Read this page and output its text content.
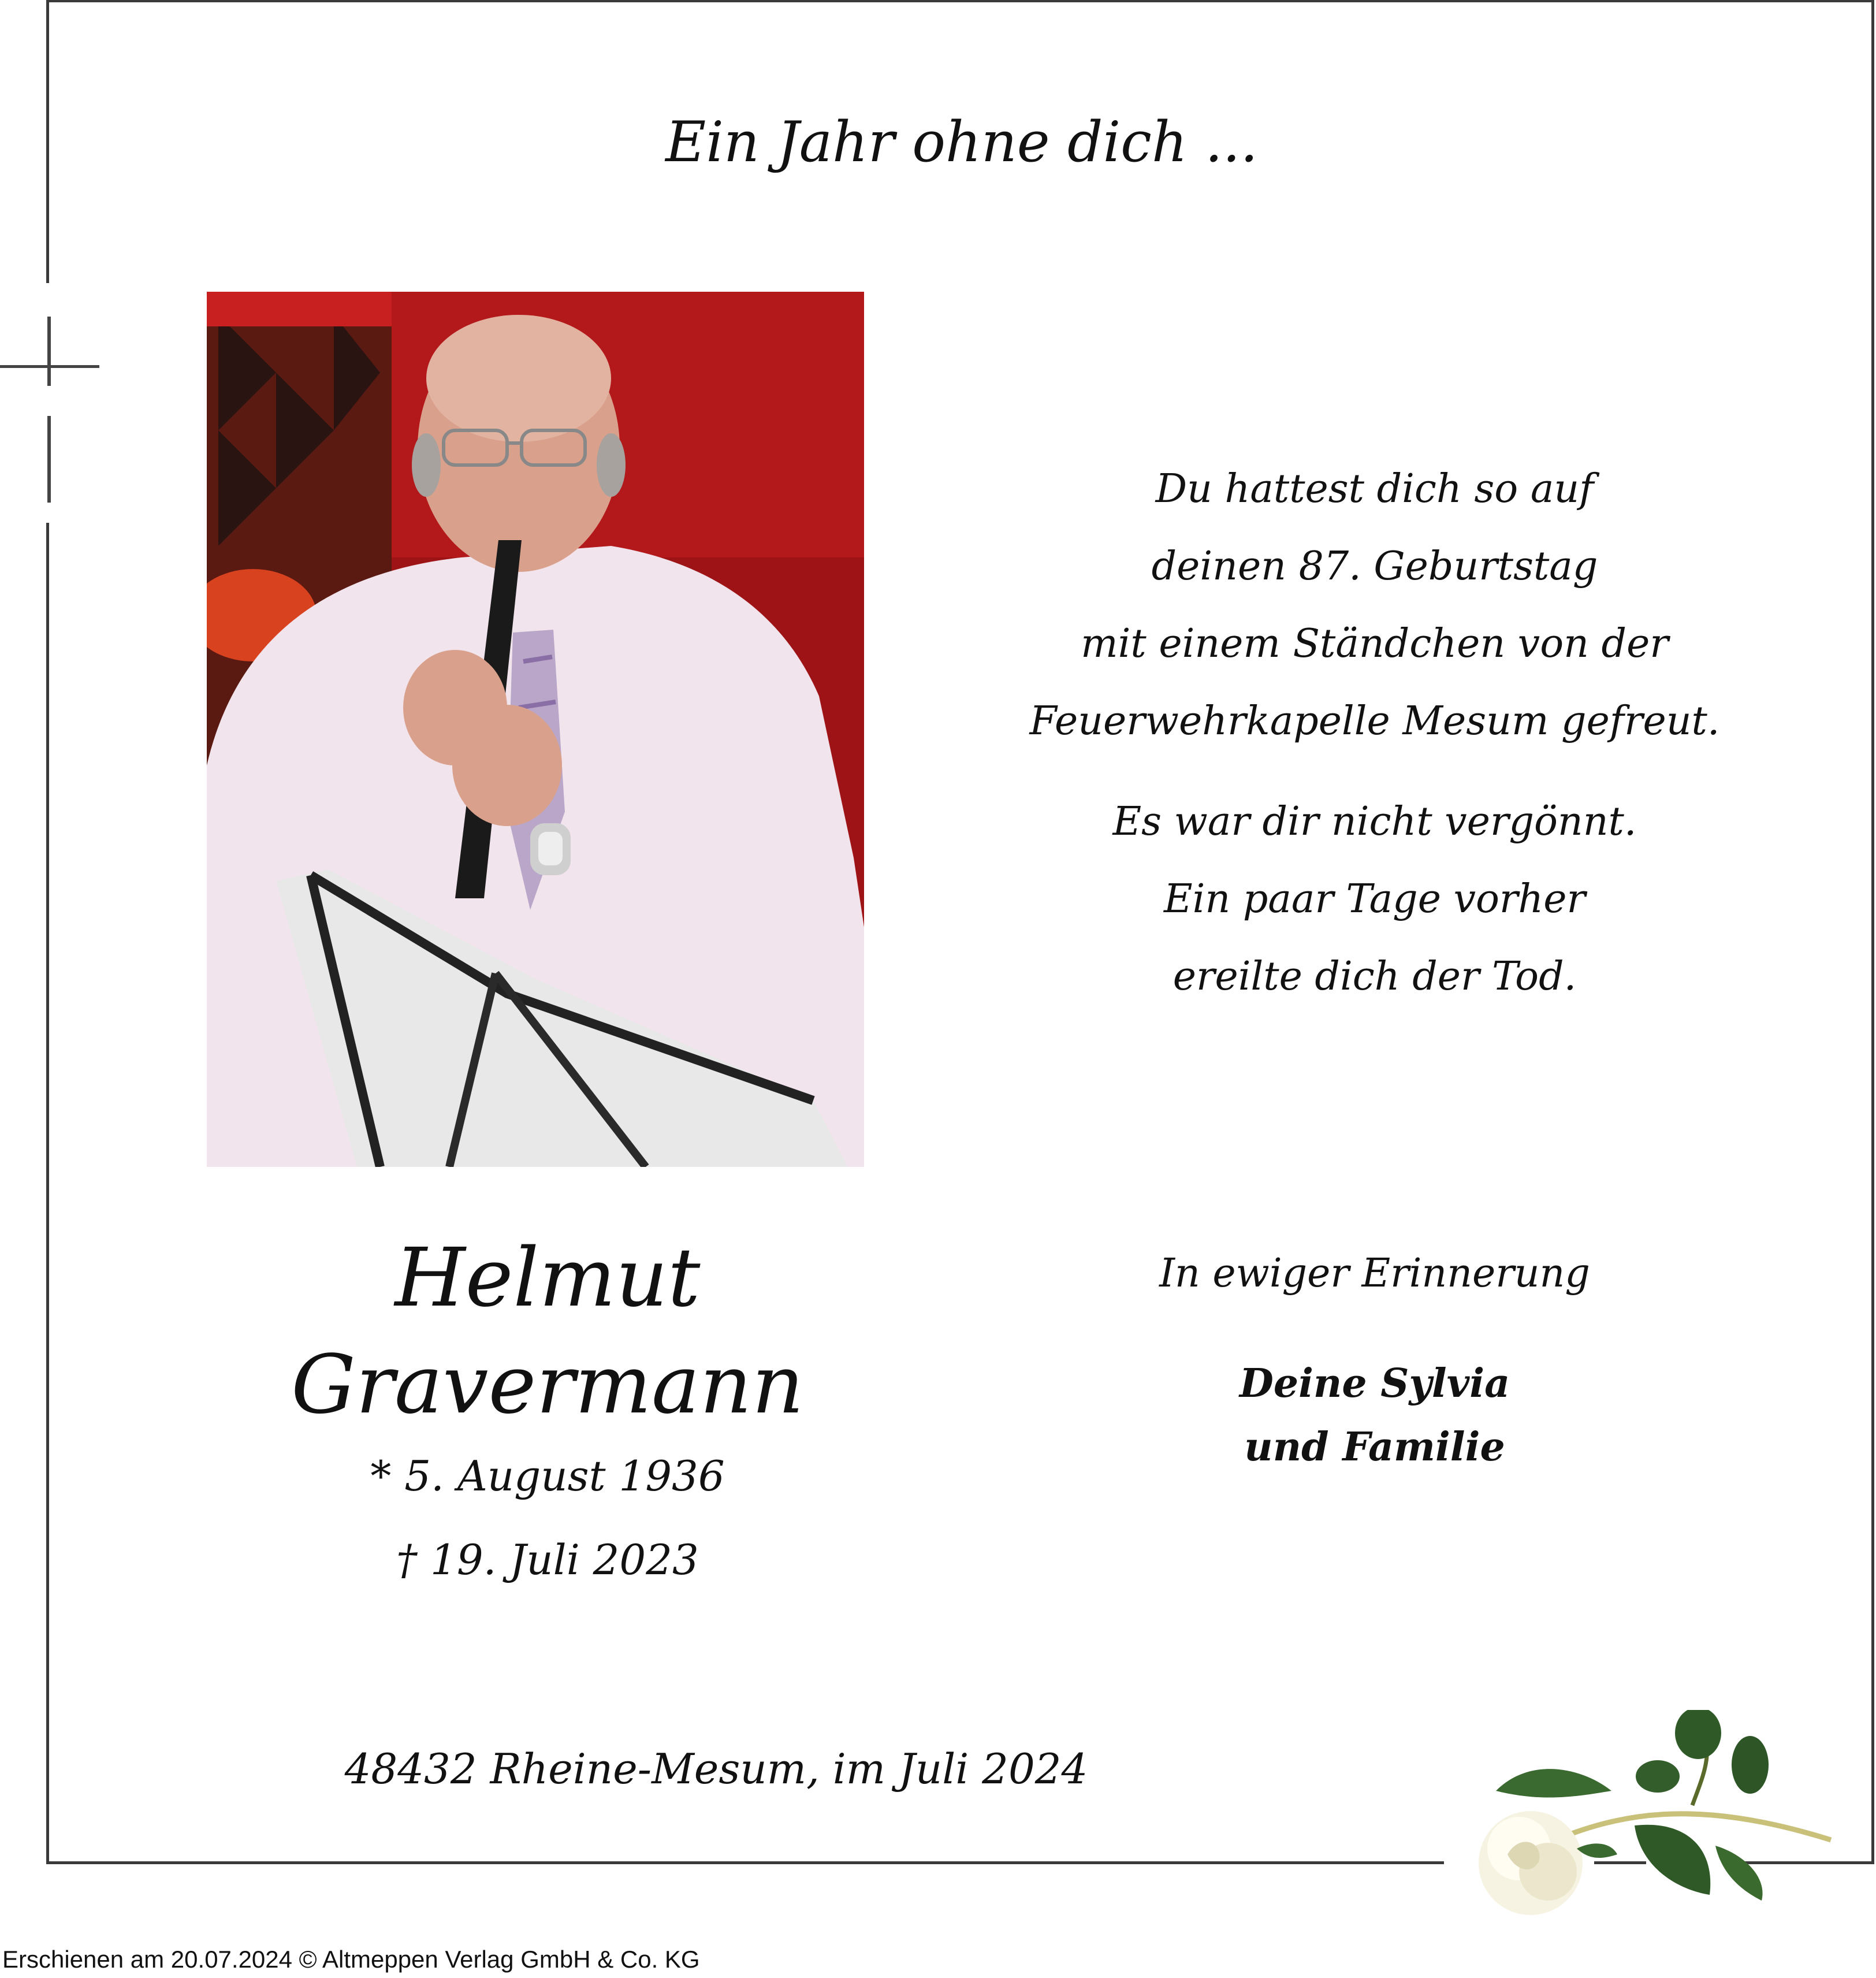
Ein Jahr ohne dich ...
Du hattest dich so auf
deinen 87. Geburtstag
mit einem Ständchen von der
Feuerwehrkapelle Mesum gefreut.
Es war dir nicht vergönnt.
Ein paar Tage vorher
ereilte dich der Tod.
Helmut
Gravermann
* 5. August 1936
† 19. Juli 2023
In ewiger Erinnerung
Deine Sylvia
und Familie
48432 Rheine-Mesum, im Juli 2024
Erschienen am 20.07.2024 © Altmeppen Verlag GmbH & Co. KG
